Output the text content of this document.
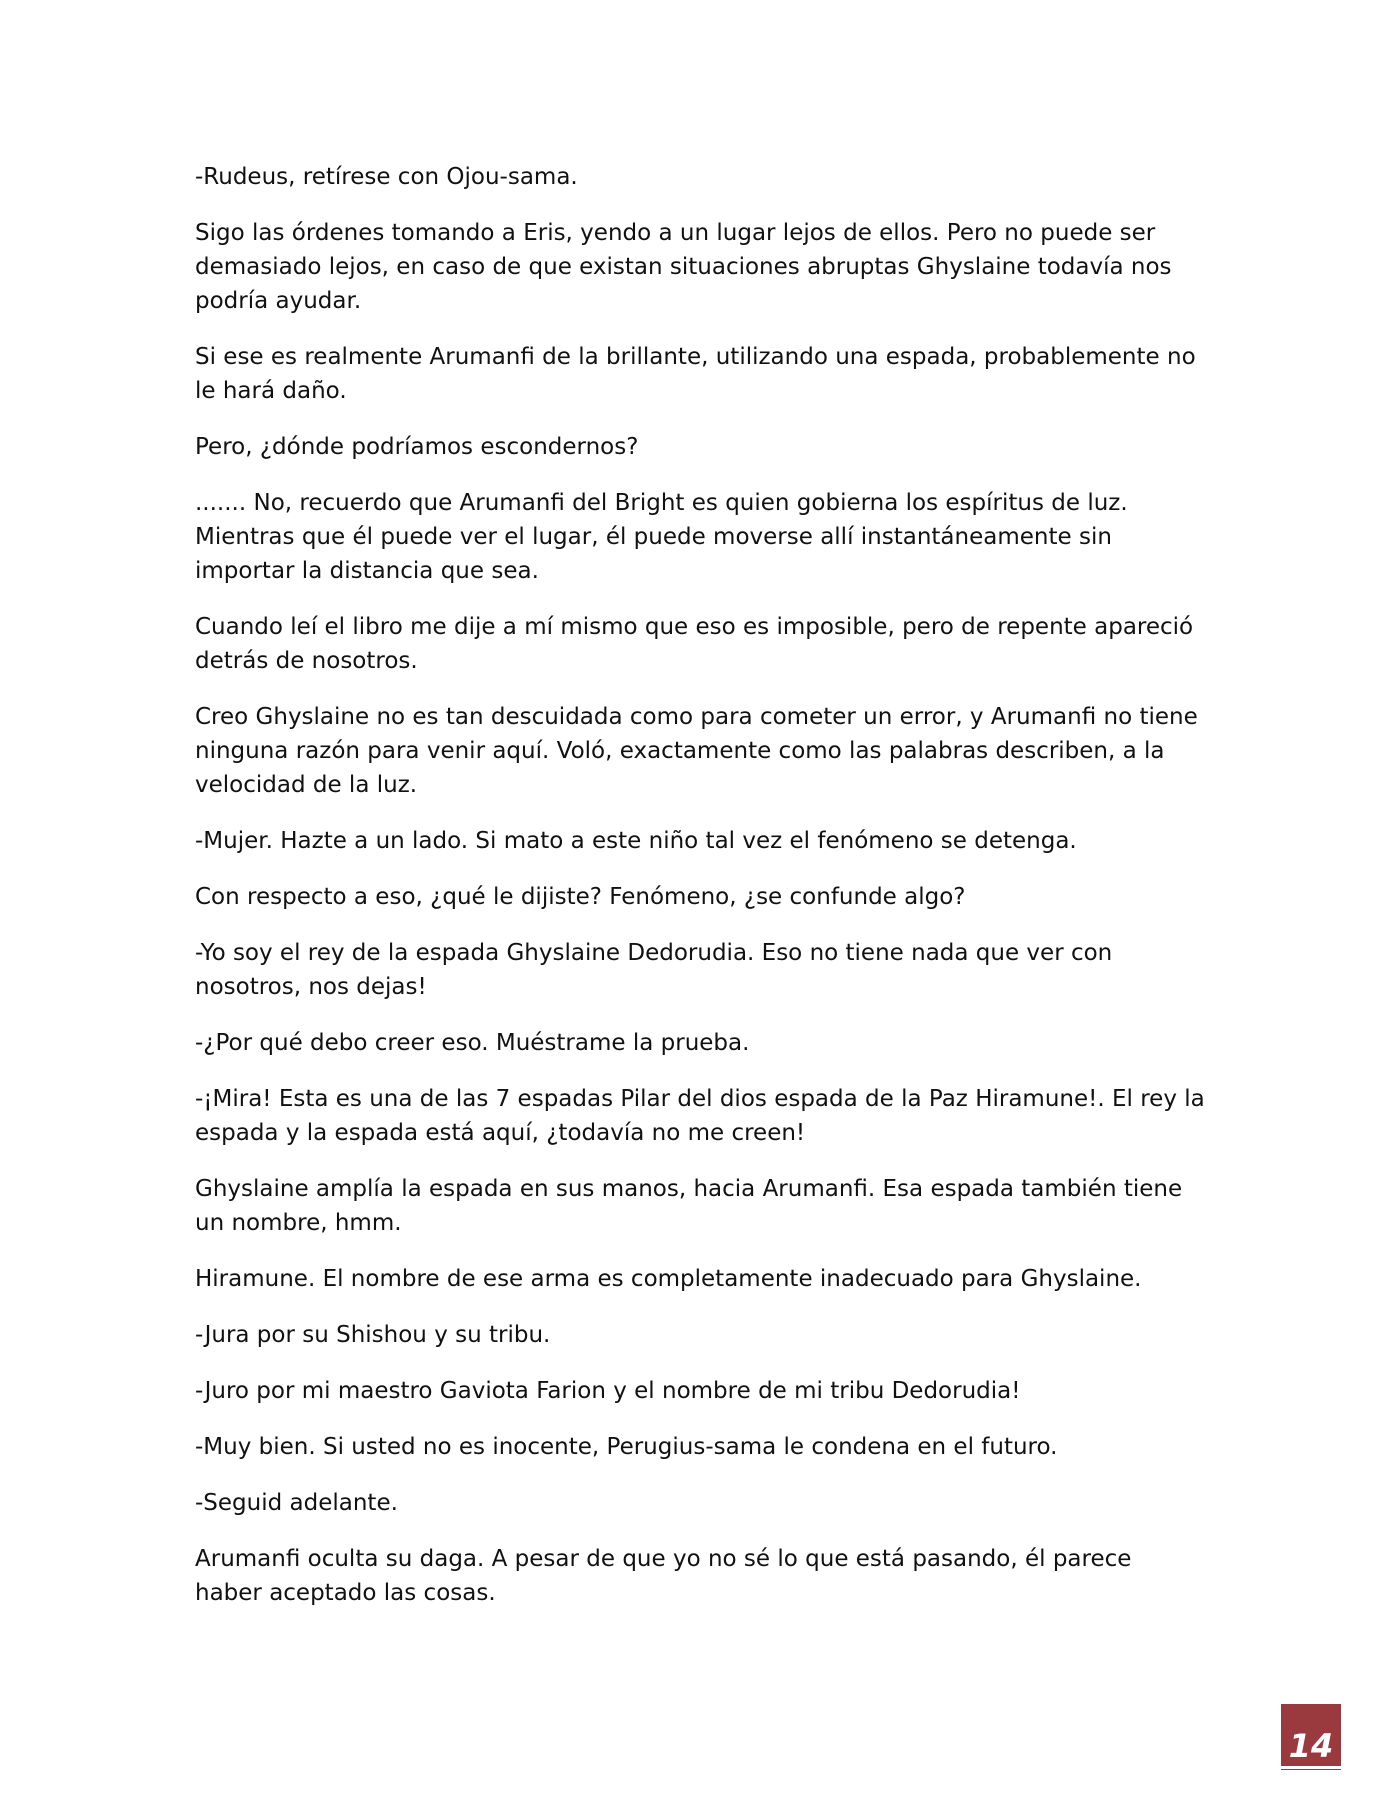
-Rudeus, retírese con Ojou-sama.

Sigo las órdenes tomando a Eris, yendo a un lugar lejos de ellos. Pero no puede ser demasiado lejos, en caso de que existan situaciones abruptas Ghyslaine todavía nos podría ayudar.

Si ese es realmente Arumanfi de la brillante, utilizando una espada, probablemente no le hará daño.

Pero, ¿dónde podríamos escondernos?

....... No, recuerdo que Arumanfi del Bright es quien gobierna los espíritus de luz. Mientras que él puede ver el lugar, él puede moverse allí instantáneamente sin importar la distancia que sea.

Cuando leí el libro me dije a mí mismo que eso es imposible, pero de repente apareció detrás de nosotros.

Creo Ghyslaine no es tan descuidada como para cometer un error, y Arumanfi no tiene ninguna razón para venir aquí. Voló, exactamente como las palabras describen, a la velocidad de la luz.

-Mujer. Hazte a un lado. Si mato a este niño tal vez el fenómeno se detenga.

Con respecto a eso, ¿qué le dijiste? Fenómeno, ¿se confunde algo?

-Yo soy el rey de la espada Ghyslaine Dedorudia. Eso no tiene nada que ver con nosotros, nos dejas!

-¿Por qué debo creer eso. Muéstrame la prueba.

-¡Mira! Esta es una de las 7 espadas Pilar del dios espada de la Paz Hiramune!. El rey la espada y la espada está aquí, ¿todavía no me creen!

Ghyslaine amplía la espada en sus manos, hacia Arumanfi. Esa espada también tiene un nombre, hmm.

Hiramune. El nombre de ese arma es completamente inadecuado para Ghyslaine.

-Jura por su Shishou y su tribu.

-Juro por mi maestro Gaviota Farion y el nombre de mi tribu Dedorudia!

-Muy bien. Si usted no es inocente, Perugius-sama le condena en el futuro.

-Seguid adelante.

Arumanfi oculta su daga. A pesar de que yo no sé lo que está pasando, él parece haber aceptado las cosas.

14
